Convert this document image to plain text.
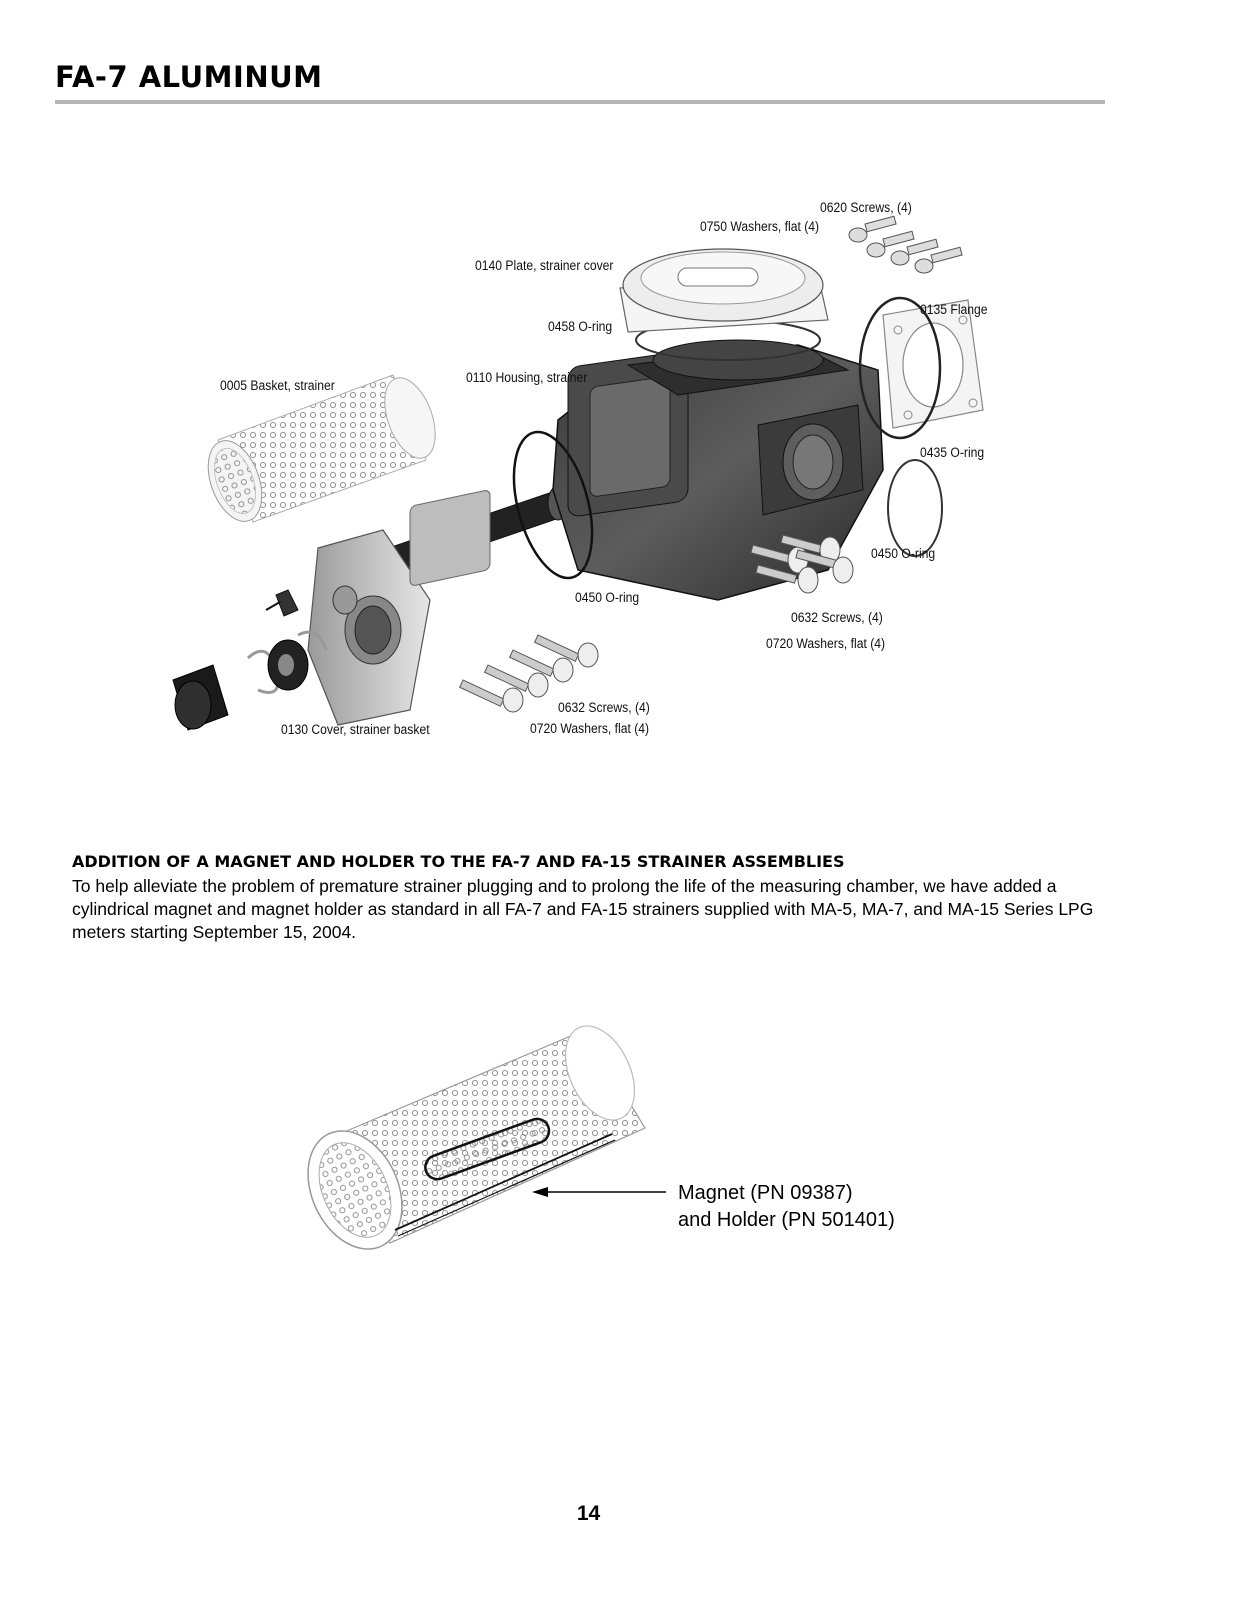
FA-7 ALUMINUM
0620 Screws, (4)
0750 Washers, flat (4)
0140 Plate, strainer cover
0135 Flange
0458 O-ring
0005 Basket, strainer
0110 Housing, strainer
0435 O-ring
0450 O-ring
0450 O-ring
0632 Screws, (4)
0720 Washers, flat (4)
0632 Screws, (4)
0720 Washers, flat (4)
0130 Cover, strainer basket
ADDITION OF A MAGNET AND HOLDER TO THE FA-7 AND FA-15 STRAINER ASSEMBLIES
To help alleviate the problem of premature strainer plugging and to prolong the life of the measuring chamber, we have added a cylindrical magnet and magnet holder as standard in all FA-7 and FA-15 strainers supplied with MA-5, MA-7, and MA-15 Series LPG meters starting September 15, 2004.
Magnet (PN 09387)
and Holder (PN 501401)
14
